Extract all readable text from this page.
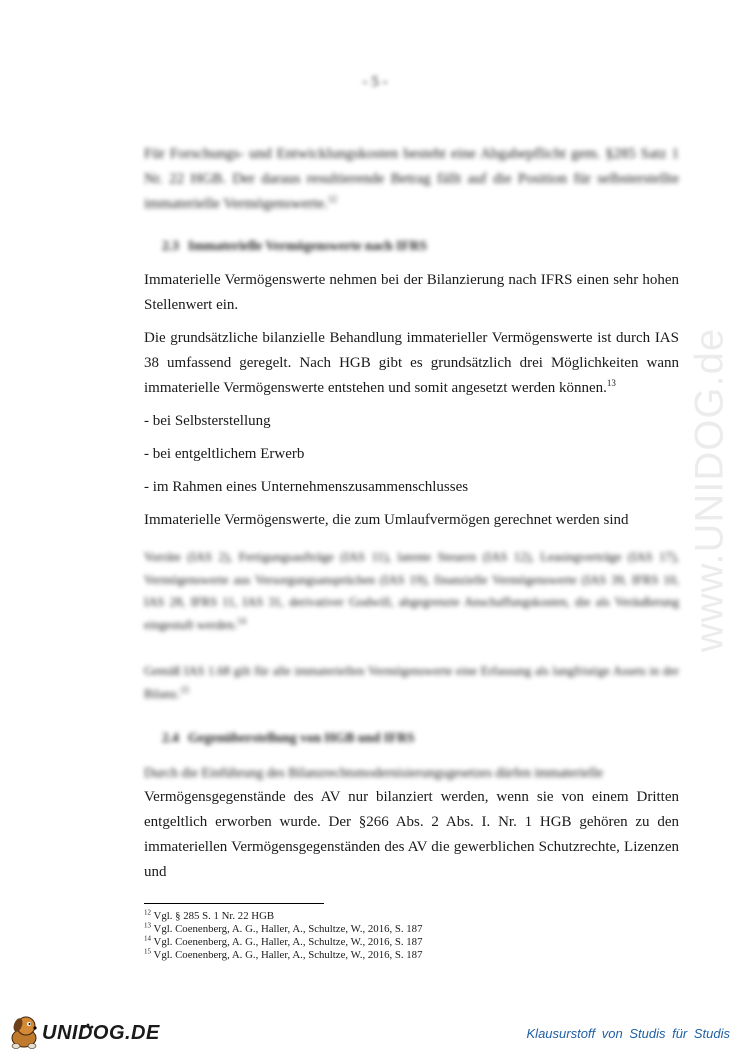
- 5 -
www.UNIDOG.de

Für Forschungs- und Entwicklungskosten besteht eine Abgabepflicht gem. §285 Satz 1 Nr. 22 HGB. Der daraus resultierende Betrag fällt auf die Position für selbsterstellte immaterielle Vermögenswerte.$^{12}$

2.3 Immaterielle Vermögenswerte nach IFRS

Immaterielle Vermögenswerte nehmen bei der Bilanzierung nach IFRS einen sehr hohen Stellenwert ein.

Die grundsätzliche bilanzielle Behandlung immaterieller Vermögenswerte ist durch IAS 38 umfassend geregelt. Nach HGB gibt es grundsätzlich drei Möglichkeiten wann immaterielle Vermögenswerte entstehen und somit angesetzt werden können.$^{13}$

- bei Selbsterstellung

- bei entgeltlichem Erwerb

- im Rahmen eines Unternehmenszusammenschlusses

Immaterielle Vermögenswerte, die zum Umlaufvermögen gerechnet werden sind

Vorräte (IAS 2), Fertigungsaufträge (IAS 11), latente Steuern (IAS 12), Leasingverträge (IAS 17), Vermögenswerte aus Versorgungsansprüchen (IAS 19), finanzielle Vermögenswerte (IAS 39, IFRS 10, IAS 28, IFRS 11, IAS 31, derivativer Godwill, abgegrenzte Anschaffungskosten, die als Veräußerung eingestuft werden.$^{14}$

Gemäß IAS 1.68 gilt für alle immateriellen Vermögenswerte eine Erfassung als langfristige Assets in der Bilanz.$^{15}$

2.4 Gegenüberstellung von HGB und IFRS

Durch die Einführung des Bilanzrechtsmodernisierungsgesetzes dürfen immaterielle

Vermögensgegenstände des AV nur bilanziert werden, wenn sie von einem Dritten entgeltlich erworben wurde. Der §266 Abs. 2 Abs. I. Nr. 1 HGB gehören zu den immateriellen Vermögensgegenständen des AV die gewerblichen Schutzrechte, Lizenzen und

$^{12}$ Vgl. § 285 S. 1 Nr. 22 HGB
$^{13}$ Vgl. Coenenberg, A. G., Haller, A., Schultze, W., 2016, S. 187
$^{14}$ Vgl. Coenenberg, A. G., Haller, A., Schultze, W., 2016, S. 187
$^{15}$ Vgl. Coenenberg, A. G., Haller, A., Schultze, W., 2016, S. 187
UNIDOG.DE	Klausurstoff von Studis für Studis
